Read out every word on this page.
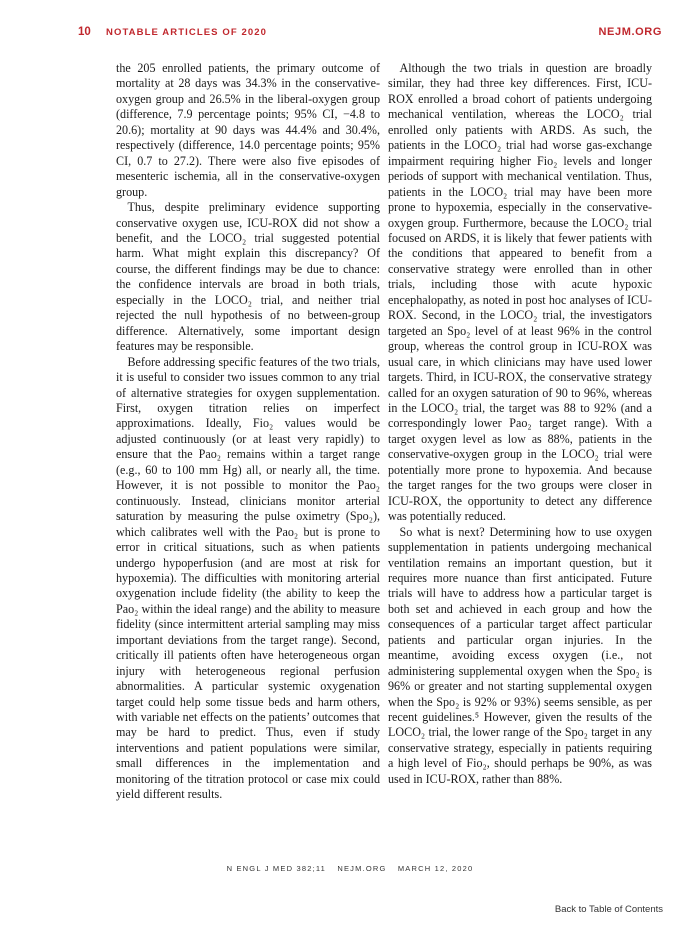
10 NOTABLE ARTICLES OF 2020	NEJM.ORG

the 205 enrolled patients, the primary outcome of mortality at 28 days was 34.3% in the conservative-oxygen group and 26.5% in the liberal-oxygen group (difference, 7.9 percentage points; 95% CI, −4.8 to 20.6); mortality at 90 days was 44.4% and 30.4%, respectively (difference, 14.0 percentage points; 95% CI, 0.7 to 27.2). There were also five episodes of mesenteric ischemia, all in the conservative-oxygen group.

Thus, despite preliminary evidence supporting conservative oxygen use, ICU-ROX did not show a benefit, and the LOCO₂ trial suggested potential harm. What might explain this discrepancy? Of course, the different findings may be due to chance: the confidence intervals are broad in both trials, especially in the LOCO₂ trial, and neither trial rejected the null hypothesis of no between-group difference. Alternatively, some important design features may be responsible.

Before addressing specific features of the two trials, it is useful to consider two issues common to any trial of alternative strategies for oxygen supplementation. First, oxygen titration relies on imperfect approximations. Ideally, Fio₂ values would be adjusted continuously (or at least very rapidly) to ensure that the Pao₂ remains within a target range (e.g., 60 to 100 mm Hg) all, or nearly all, the time. However, it is not possible to monitor the Pao₂ continuously. Instead, clinicians monitor arterial saturation by measuring the pulse oximetry (Spo₂), which calibrates well with the Pao₂ but is prone to error in critical situations, such as when patients undergo hypoperfusion (and are most at risk for hypoxemia). The difficulties with monitoring arterial oxygenation include fidelity (the ability to keep the Pao₂ within the ideal range) and the ability to measure fidelity (since intermittent arterial sampling may miss important deviations from the target range). Second, critically ill patients often have heterogeneous organ injury with heterogeneous regional perfusion abnormalities. A particular systemic oxygenation target could help some tissue beds and harm others, with variable net effects on the patients’ outcomes that may be hard to predict. Thus, even if study interventions and patient populations were similar, small differences in the implementation and monitoring of the titration protocol or case mix could yield different results.

Although the two trials in question are broadly similar, they had three key differences. First, ICU-ROX enrolled a broad cohort of patients undergoing mechanical ventilation, whereas the LOCO₂ trial enrolled only patients with ARDS. As such, the patients in the LOCO₂ trial had worse gas-exchange impairment requiring higher Fio₂ levels and longer periods of support with mechanical ventilation. Thus, patients in the LOCO₂ trial may have been more prone to hypoxemia, especially in the conservative-oxygen group. Furthermore, because the LOCO₂ trial focused on ARDS, it is likely that fewer patients with the conditions that appeared to benefit from a conservative strategy were enrolled than in other trials, including those with acute hypoxic encephalopathy, as noted in post hoc analyses of ICU-ROX. Second, in the LOCO₂ trial, the investigators targeted an Spo₂ level of at least 96% in the control group, whereas the control group in ICU-ROX was usual care, in which clinicians may have used lower targets. Third, in ICU-ROX, the conservative strategy called for an oxygen saturation of 90 to 96%, whereas in the LOCO₂ trial, the target was 88 to 92% (and a correspondingly lower Pao₂ target range). With a target oxygen level as low as 88%, patients in the conservative-oxygen group in the LOCO₂ trial were potentially more prone to hypoxemia. And because the target ranges for the two groups were closer in ICU-ROX, the opportunity to detect any difference was potentially reduced.

So what is next? Determining how to use oxygen supplementation in patients undergoing mechanical ventilation remains an important question, but it requires more nuance than first anticipated. Future trials will have to address how a particular target is both set and achieved in each group and how the consequences of a particular target affect particular patients and particular organ injuries. In the meantime, avoiding excess oxygen (i.e., not administering supplemental oxygen when the Spo₂ is 96% or greater and not starting supplemental oxygen when the Spo₂ is 92% or 93%) seems sensible, as per recent guidelines.⁵ However, given the results of the LOCO₂ trial, the lower range of the Spo₂ target in any conservative strategy, especially in patients requiring a high level of Fio₂, should perhaps be 90%, as was used in ICU-ROX, rather than 88%.

N ENGL J MED 382;11 NEJM.ORG MARCH 12, 2020
Back to Table of Contents
